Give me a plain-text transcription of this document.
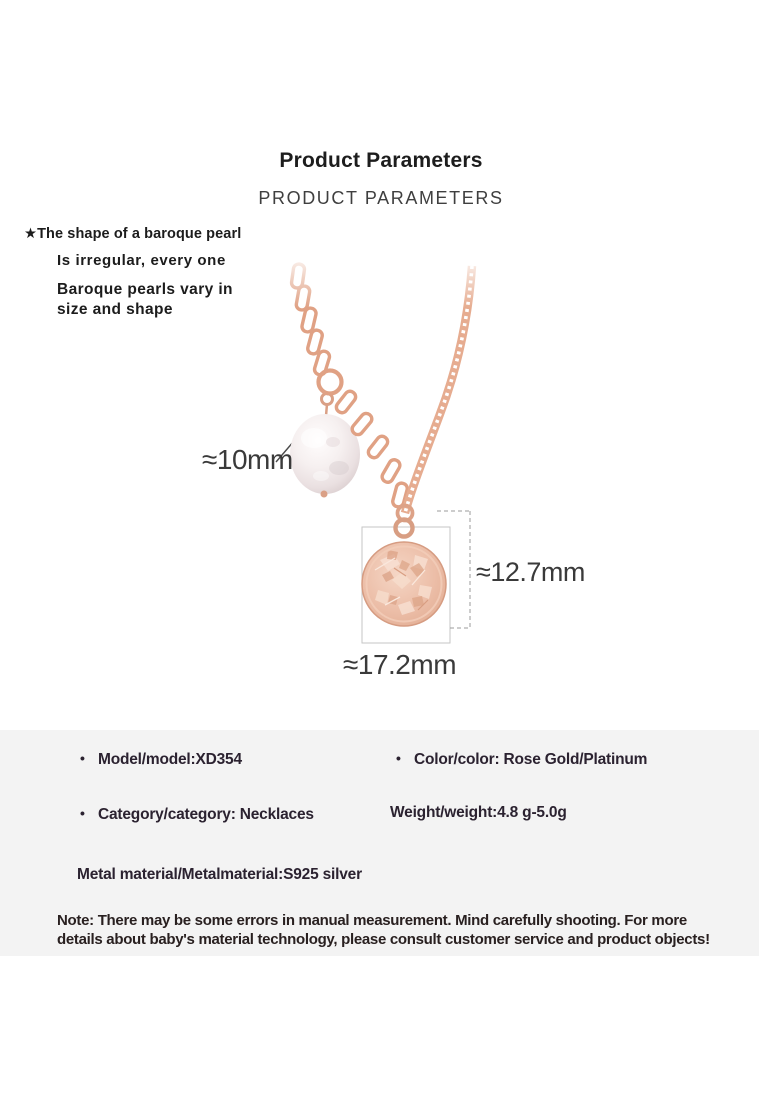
Product Parameters
PRODUCT PARAMETERS
★The shape of a baroque pearl
Is irregular, every one
Baroque pearls vary in
size and shape
≈10mm
≈12.7mm
≈17.2mm
• Model/model:XD354	• Color/color: Rose Gold/Platinum
• Category/category: Necklaces	Weight/weight:4.8 g-5.0g
Metal material/Metalmaterial:S925 silver
Note: There may be some errors in manual measurement. Mind carefully shooting. For more
details about baby's material technology, please consult customer service and product objects!
